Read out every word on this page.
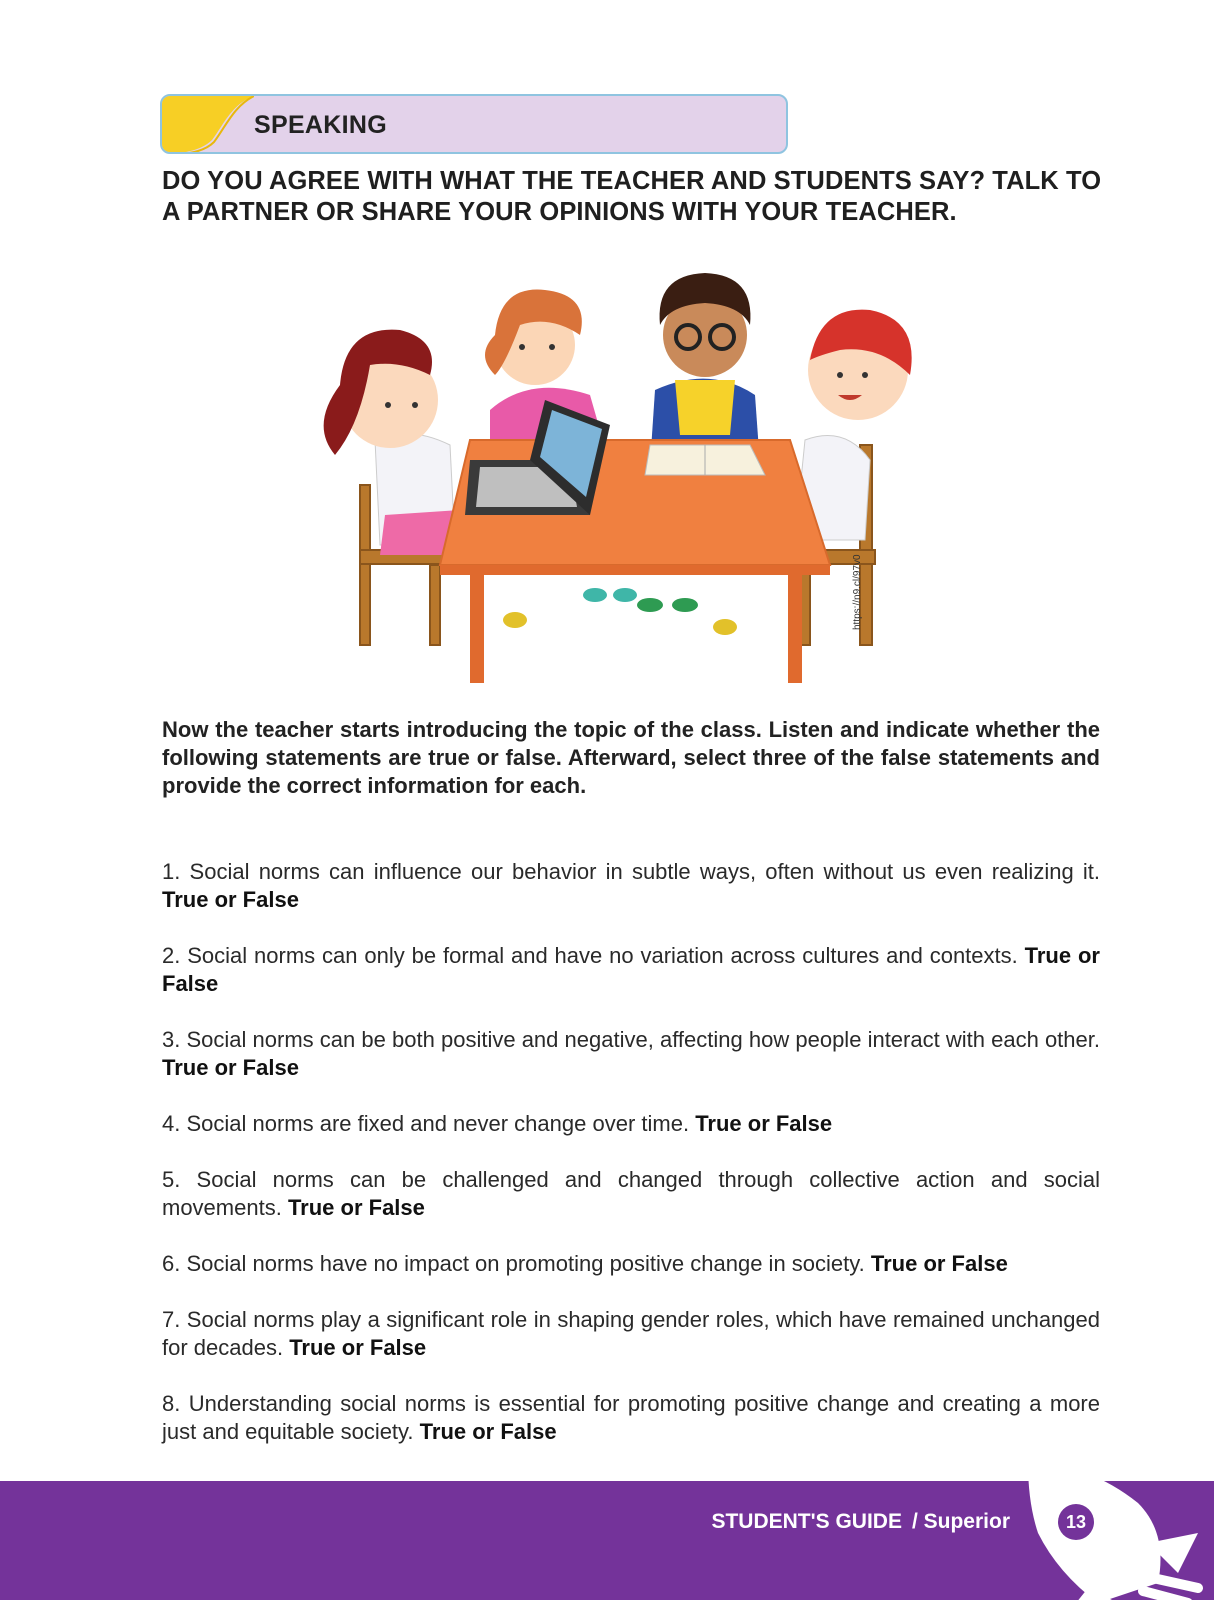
SPEAKING
DO YOU AGREE WITH WHAT THE TEACHER AND STUDENTS SAY? TALK TO A PARTNER OR SHARE YOUR OPINIONS WITH YOUR TEACHER.
https://n9.cl/97v0
Now the teacher starts introducing the topic of the class. Listen and indicate whether the following statements are true or false. Afterward, select three of the false statements and provide the correct information for each.
1. Social norms can influence our behavior in subtle ways, often without us even realizing it. True or False
2. Social norms can only be formal and have no variation across cultures and contexts. True or False
3. Social norms can be both positive and negative, affecting how people interact with each other. True or False
4. Social norms are fixed and never change over time. True or False
5. Social norms can be challenged and changed through collective action and social movements. True or False
6. Social norms have no impact on promoting positive change in society. True or False
7. Social norms play a significant role in shaping gender roles, which have remained unchanged for decades. True or False
8. Understanding social norms is essential for promoting positive change and creating a more just and equitable society. True or False
STUDENT'S GUIDE / Superior	13
